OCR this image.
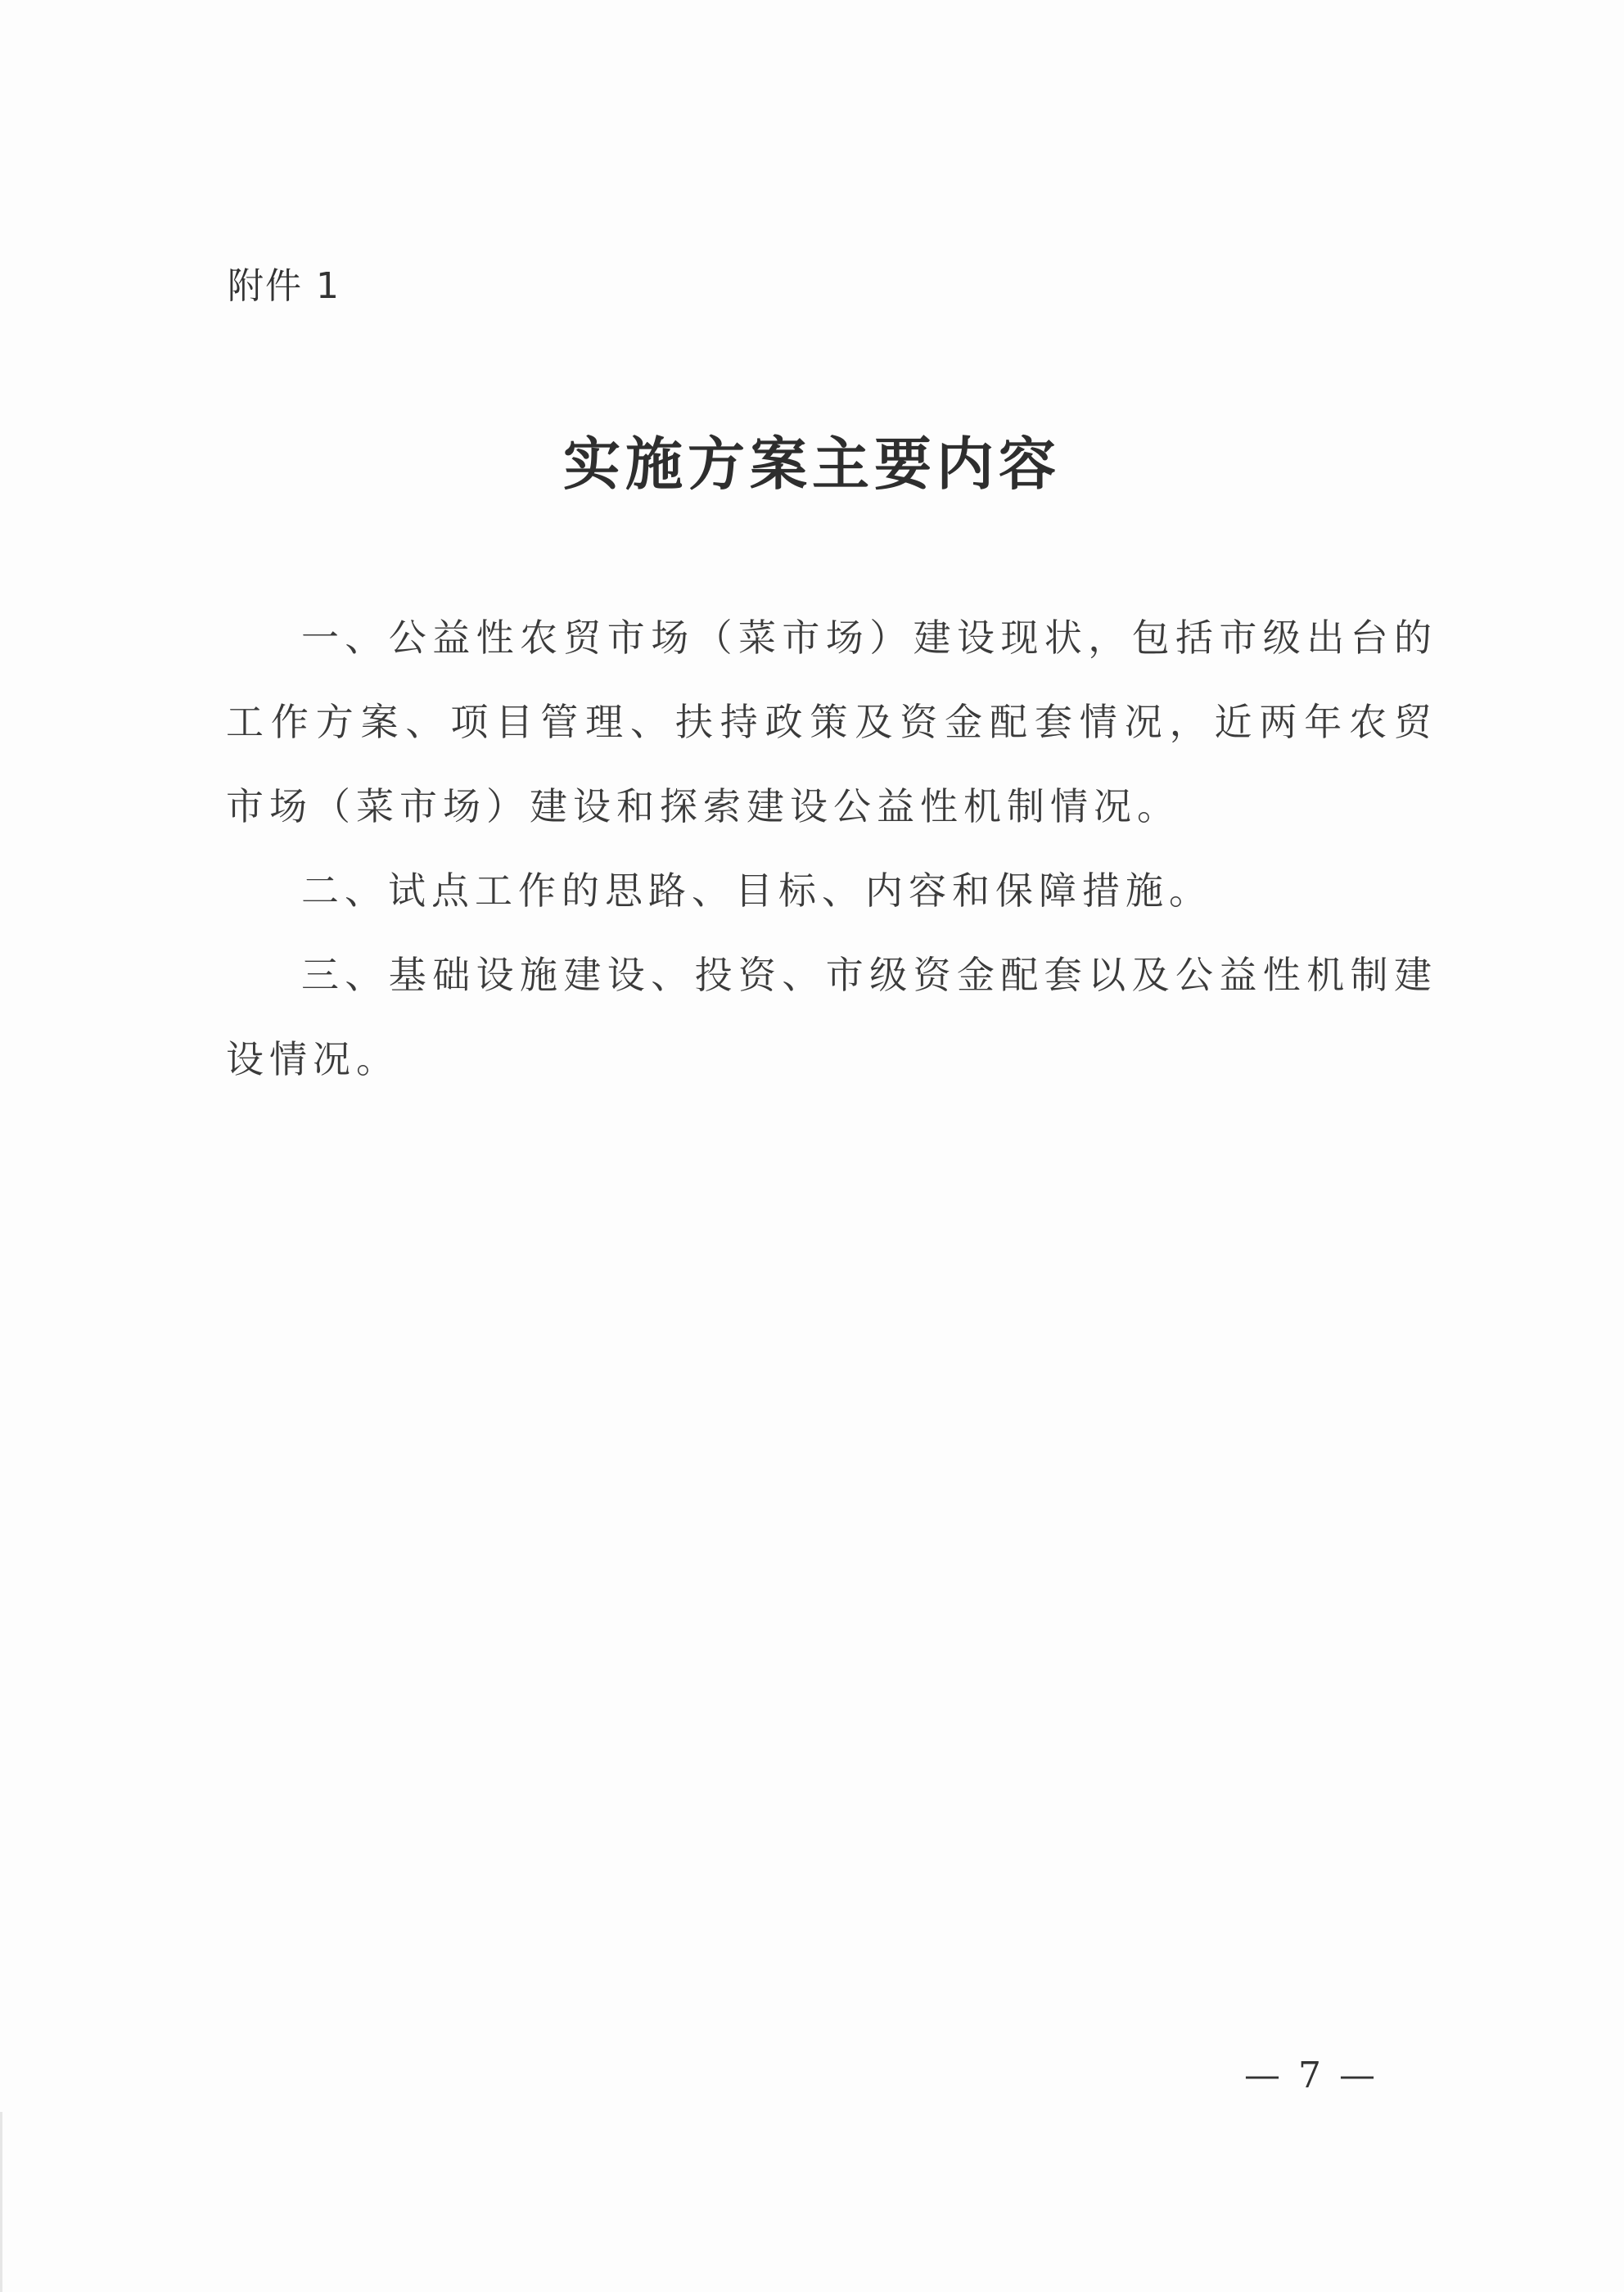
附件 1
实施方案主要内容

一、公益性农贸市场（菜市场）建设现状，包括市级出台的工作方案、项目管理、扶持政策及资金配套情况，近两年农贸市场（菜市场）建设和探索建设公益性机制情况。

二、试点工作的思路、目标、内容和保障措施。

三、基础设施建设、投资、市级资金配套以及公益性机制建设情况。

— 7 —
